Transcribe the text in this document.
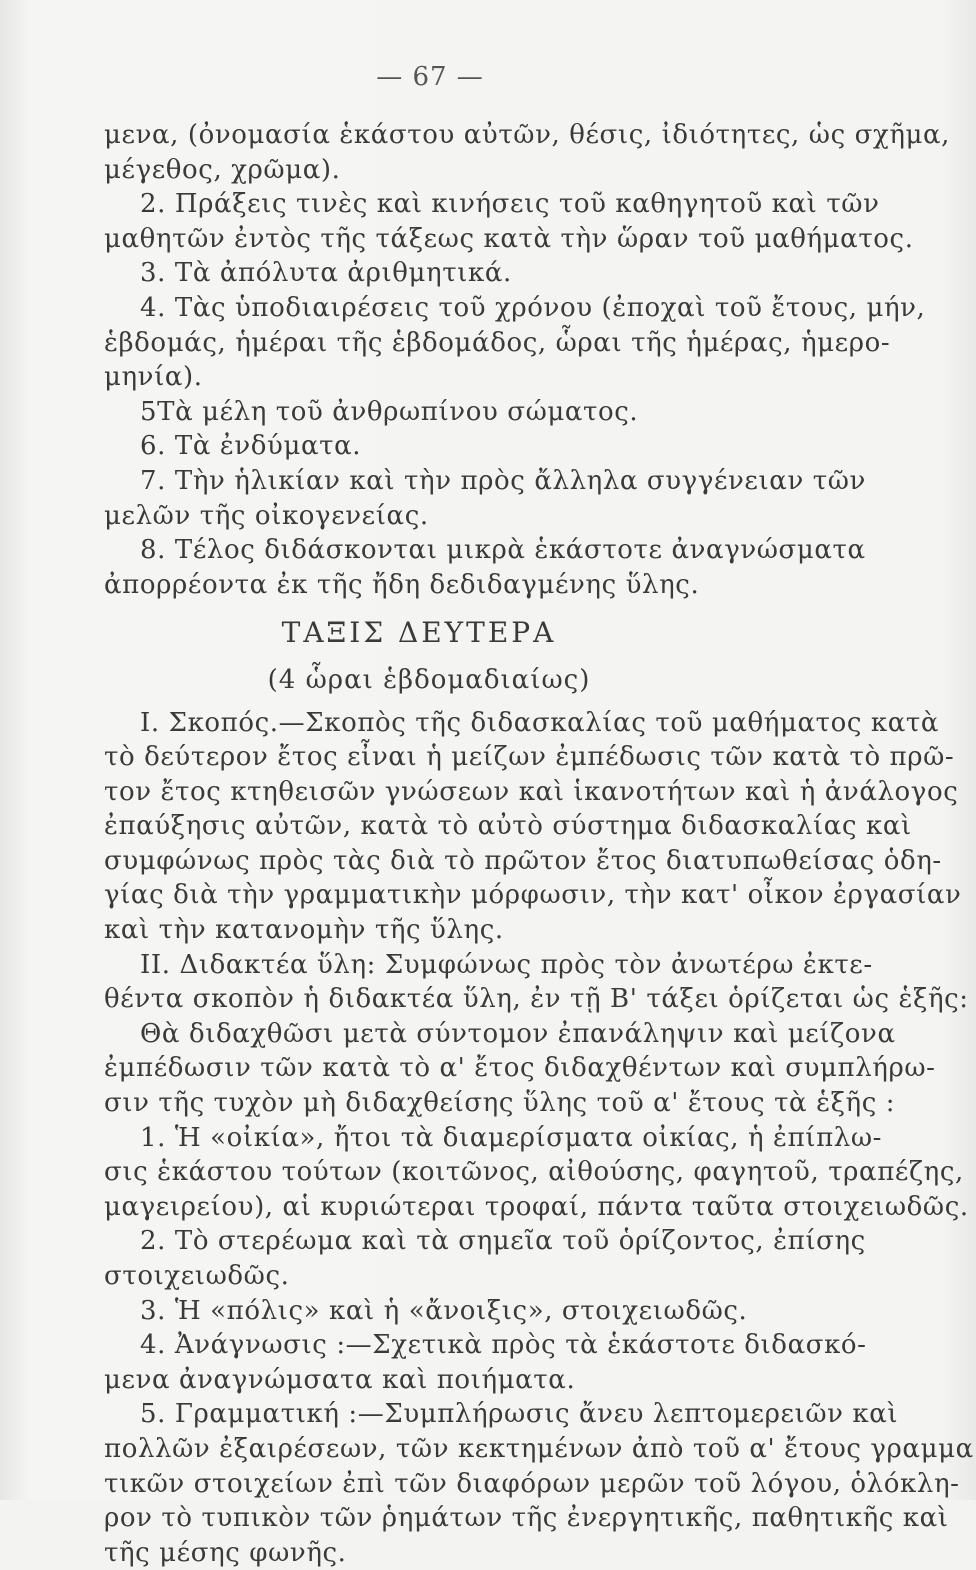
— 67 —
μενα, (ὀνομασία ἑκάστου αὐτῶν, θέσις, ἰδιότητες, ὡς σχῆμα,
μέγεθος, χρῶμα).
2. Πράξεις τινὲς καὶ κινήσεις τοῦ καθηγητοῦ καὶ τῶν
μαθητῶν ἐντὸς τῆς τάξεως κατὰ τὴν ὥραν τοῦ μαθήματος.
3. Τὰ ἀπόλυτα ἀριθμητικά.
4. Τὰς ὑποδιαιρέσεις τοῦ χρόνου (ἐποχαὶ τοῦ ἔτους, μήν,
ἑβδομάς, ἡμέραι τῆς ἑβδομάδος, ὧραι τῆς ἡμέρας, ἡμερο-
μηνία).
5Τὰ μέλη τοῦ ἀνθρωπίνου σώματος.
6. Τὰ ἐνδύματα.
7. Τὴν ἡλικίαν καὶ τὴν πρὸς ἄλληλα συγγένειαν τῶν
μελῶν τῆς οἰκογενείας.
8. Τέλος διδάσκονται μικρὰ ἑκάστοτε ἀναγνώσματα
ἀπορρέοντα ἐκ τῆς ἤδη δεδιδαγμένης ὕλης.
ΤΑΞΙΣ ΔΕΥΤΕΡΑ
(4 ὧραι ἑβδομαδιαίως)
I. Σκοπός.—Σκοπὸς τῆς διδασκαλίας τοῦ μαθήματος κατὰ
τὸ δεύτερον ἔτος εἶναι ἡ μείζων ἐμπέδωσις τῶν κατὰ τὸ πρῶ-
τον ἔτος κτηθεισῶν γνώσεων καὶ ἱκανοτήτων καὶ ἡ ἀνάλογος
ἐπαύξησις αὐτῶν, κατὰ τὸ αὐτὸ σύστημα διδασκαλίας καὶ
συμφώνως πρὸς τὰς διὰ τὸ πρῶτον ἔτος διατυπωθείσας ὁδη-
γίας διὰ τὴν γραμματικὴν μόρφωσιν, τὴν κατ' οἶκον ἐργασίαν
καὶ τὴν κατανομὴν τῆς ὕλης.
II. Διδακτέα ὕλη: Συμφώνως πρὸς τὸν ἀνωτέρω ἐκτε-
θέντα σκοπὸν ἡ διδακτέα ὕλη, ἐν τῇ Β' τάξει ὁρίζεται ὡς ἑξῆς:
Θὰ διδαχθῶσι μετὰ σύντομον ἐπανάληψιν καὶ μείζονα
ἐμπέδωσιν τῶν κατὰ τὸ α' ἔτος διδαχθέντων καὶ συμπλήρω-
σιν τῆς τυχὸν μὴ διδαχθείσης ὕλης τοῦ α' ἔτους τὰ ἑξῆς :
1. Ἡ «οἰκία», ἤτοι τὰ διαμερίσματα οἰκίας, ἡ ἐπίπλω-
σις ἑκάστου τούτων (κοιτῶνος, αἰθούσης, φαγητοῦ, τραπέζης,
μαγειρείου), αἱ κυριώτεραι τροφαί, πάντα ταῦτα στοιχειωδῶς.
2. Τὸ στερέωμα καὶ τὰ σημεῖα τοῦ ὁρίζοντος, ἐπίσης
στοιχειωδῶς.
3. Ἡ «πόλις» καὶ ἡ «ἄνοιξις», στοιχειωδῶς.
4. Ἀνάγνωσις :—Σχετικὰ πρὸς τὰ ἑκάστοτε διδασκό-
μενα ἀναγνώμσατα καὶ ποιήματα.
5. Γραμματική :—Συμπλήρωσις ἄνευ λεπτομερειῶν καὶ
πολλῶν ἐξαιρέσεων, τῶν κεκτημένων ἀπὸ τοῦ α' ἔτους γραμμα
τικῶν στοιχείων ἐπὶ τῶν διαφόρων μερῶν τοῦ λόγου, ὁλόκλη-
ρον τὸ τυπικὸν τῶν ῥημάτων τῆς ἐνεργητικῆς, παθητικῆς καὶ
τῆς μέσης φωνῆς.
